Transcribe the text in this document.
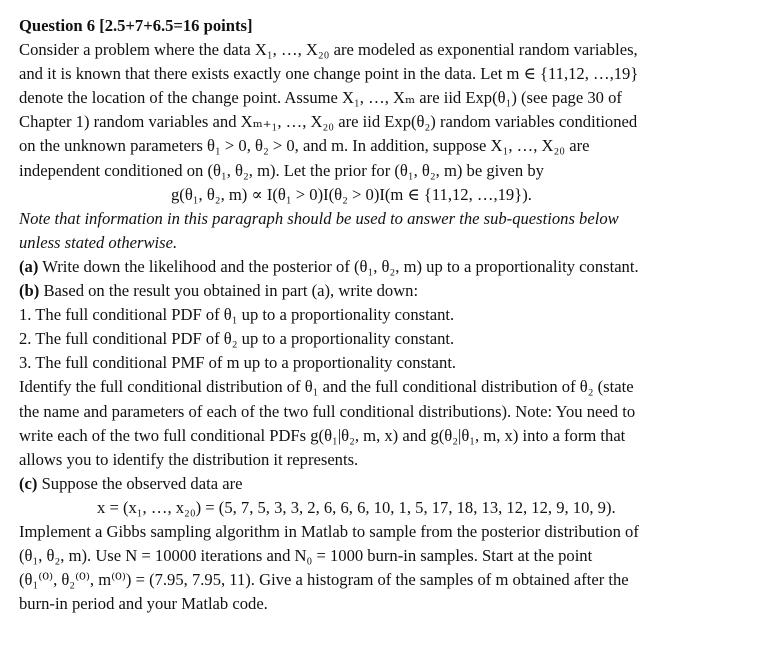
Question 6 [2.5+7+6.5=16 points]
Consider a problem where the data X₁, …, X₂₀ are modeled as exponential random variables,
and it is known that there exists exactly one change point in the data. Let m ∈ {11,12, …,19}
denote the location of the change point. Assume X₁, …, Xₘ are iid Exp(θ₁) (see page 30 of
Chapter 1) random variables and Xₘ₊₁, …, X₂₀ are iid Exp(θ₂) random variables conditioned
on the unknown parameters θ₁ > 0, θ₂ > 0, and m. In addition, suppose X₁, …, X₂₀ are
independent conditioned on (θ₁, θ₂, m). Let the prior for (θ₁, θ₂, m) be given by
g(θ₁, θ₂, m) ∝ I(θ₁ > 0)I(θ₂ > 0)I(m ∈ {11,12, …,19}).
Note that information in this paragraph should be used to answer the sub-questions below
unless stated otherwise.
(a) Write down the likelihood and the posterior of (θ₁, θ₂, m) up to a proportionality constant.
(b) Based on the result you obtained in part (a), write down:
1. The full conditional PDF of θ₁ up to a proportionality constant.
2. The full conditional PDF of θ₂ up to a proportionality constant.
3. The full conditional PMF of m up to a proportionality constant.
Identify the full conditional distribution of θ₁ and the full conditional distribution of θ₂ (state
the name and parameters of each of the two full conditional distributions). Note: You need to
write each of the two full conditional PDFs g(θ₁|θ₂, m, x) and g(θ₂|θ₁, m, x) into a form that
allows you to identify the distribution it represents.
(c) Suppose the observed data are
x = (x₁, …, x₂₀) = (5, 7, 5, 3, 3, 2, 6, 6, 6, 10, 1, 5, 17, 18, 13, 12, 12, 9, 10, 9).
Implement a Gibbs sampling algorithm in Matlab to sample from the posterior distribution of
(θ₁, θ₂, m). Use N = 10000 iterations and N₀ = 1000 burn-in samples. Start at the point
(θ₁⁽⁰⁾, θ₂⁽⁰⁾, m⁽⁰⁾) = (7.95, 7.95, 11). Give a histogram of the samples of m obtained after the
burn-in period and your Matlab code.
